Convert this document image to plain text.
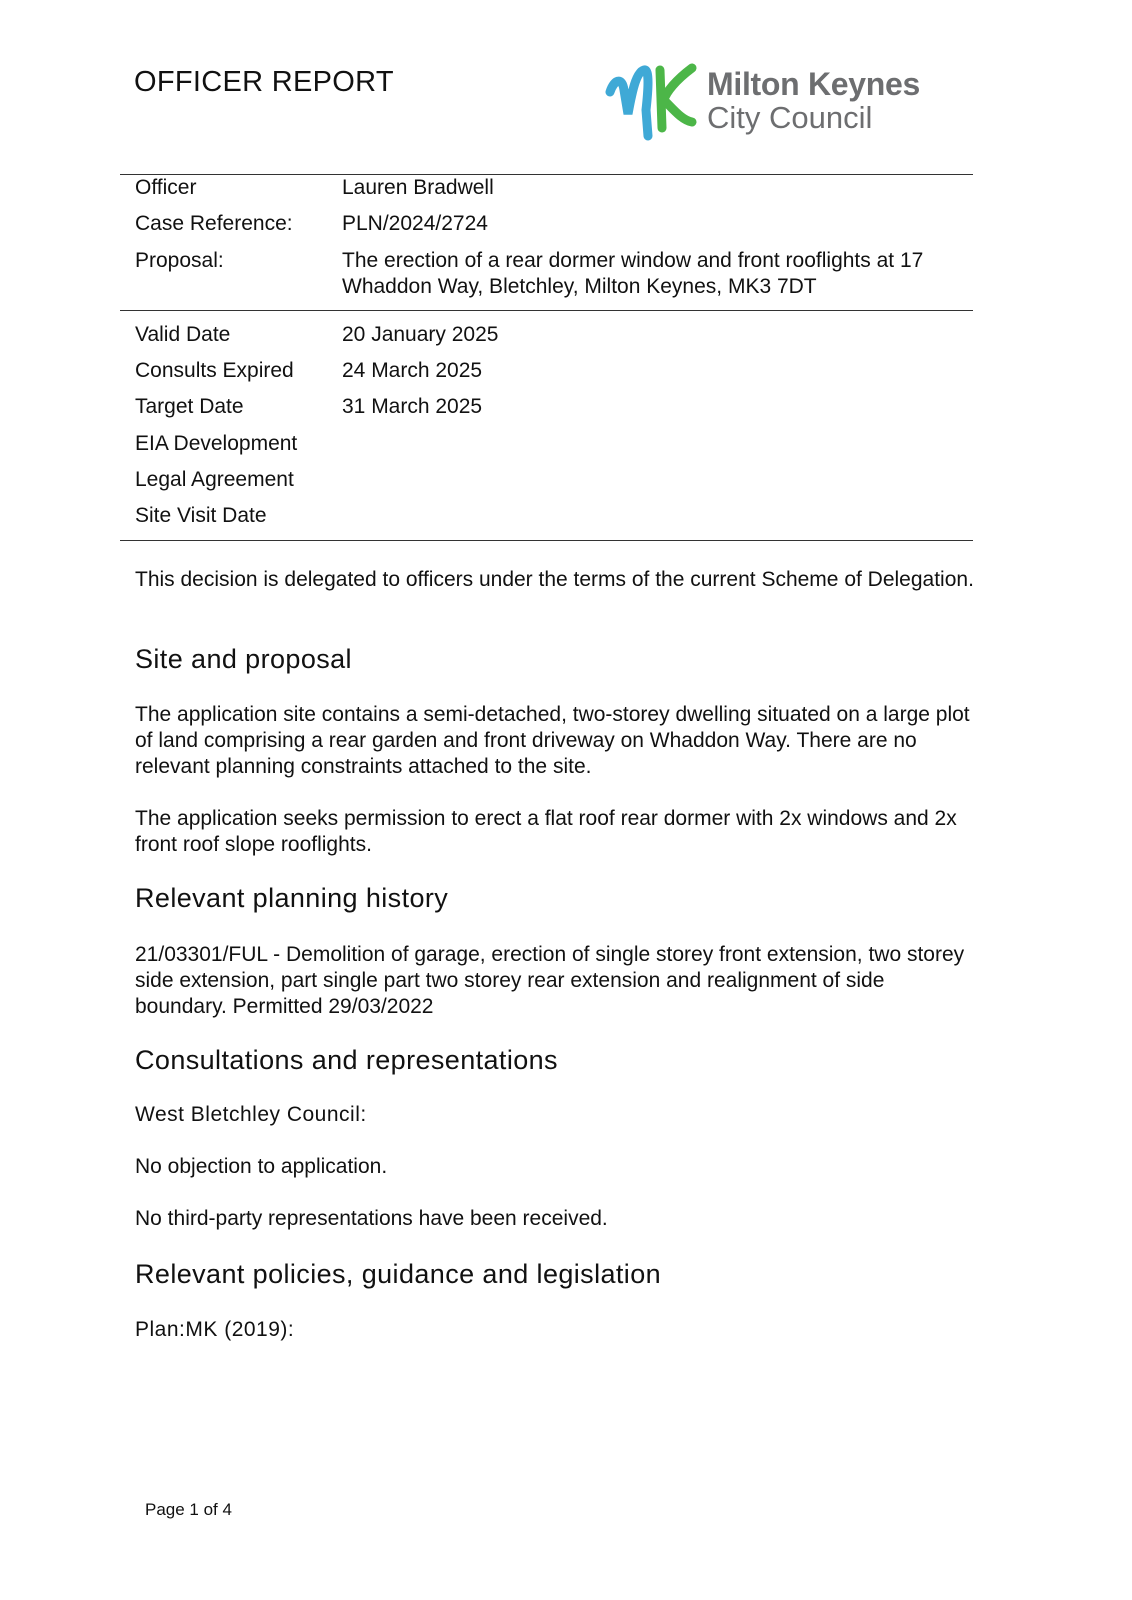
OFFICER REPORT	Milton Keynes
City Council
Officer	Lauren Bradwell
Case Reference:	PLN/2024/2724
Proposal:	The erection of a rear dormer window and front rooflights at 17 Whaddon Way, Bletchley, Milton Keynes, MK3 7DT
Valid Date	20 January 2025
Consults Expired	24 March 2025
Target Date	31 March 2025
EIA Development
Legal Agreement
Site Visit Date
This decision is delegated to officers under the terms of the current Scheme of Delegation.
Site and proposal
The application site contains a semi-detached, two-storey dwelling situated on a large plot of land comprising a rear garden and front driveway on Whaddon Way. There are no relevant planning constraints attached to the site.
The application seeks permission to erect a flat roof rear dormer with 2x windows and 2x front roof slope rooflights.
Relevant planning history
21/03301/FUL - Demolition of garage, erection of single storey front extension, two storey side extension, part single part two storey rear extension and realignment of side boundary. Permitted 29/03/2022
Consultations and representations
West Bletchley Council:
No objection to application.
No third-party representations have been received.
Relevant policies, guidance and legislation
Plan:MK (2019):
Page 1 of 4
